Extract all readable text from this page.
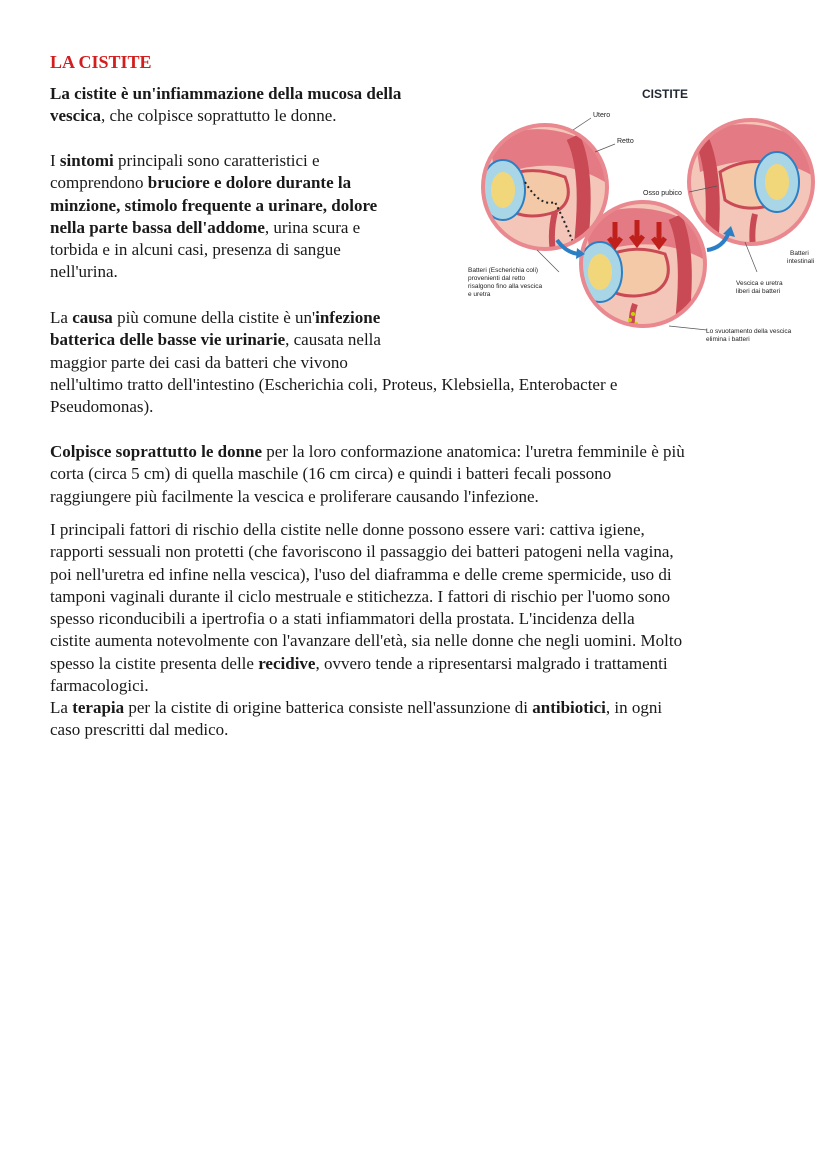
LA CISTITE

La cistite è un'infiammazione della mucosa della
vescica, che colpisce soprattutto le donne.

I sintomi principali sono caratteristici e
comprendono bruciore e dolore durante la
minzione, stimolo frequente a urinare, dolore
nella parte bassa dell'addome, urina scura e
torbida e in alcuni casi, presenza di sangue
nell'urina.

La causa più comune della cistite è un'infezione
batterica delle basse vie urinarie, causata nella
maggior parte dei casi da batteri che vivono
nell'ultimo tratto dell'intestino (Escherichia coli, Proteus, Klebsiella, Enterobacter e
Pseudomonas).

Colpisce soprattutto le donne per la loro conformazione anatomica: l'uretra femminile è più
corta (circa 5 cm) di quella maschile (16 cm circa) e quindi i batteri fecali possono
raggiungere più facilmente la vescica e proliferare causando l'infezione.

I principali fattori di rischio della cistite nelle donne possono essere vari: cattiva igiene,
rapporti sessuali non protetti (che favoriscono il passaggio dei batteri patogeni nella vagina,
poi nell'uretra ed infine nella vescica), l'uso del diaframma e delle creme spermicide, uso di
tamponi vaginali durante il ciclo mestruale e stitichezza. I fattori di rischio per l'uomo sono
spesso riconducibili a ipertrofia o a stati infiammatori della prostata. L'incidenza della
cistite aumenta notevolmente con l'avanzare dell'età, sia nelle donne che negli uomini. Molto
spesso la cistite presenta delle recidive, ovvero tende a ripresentarsi malgrado i trattamenti
farmacologici.

La terapia per la cistite di origine batterica consiste nell'assunzione di antibiotici, in ogni
caso prescritti dal medico.

CISTITE
Utero
Retto
Osso pubico
Batteri
intestinali
Batteri (Escherichia coli)
provenienti dal retto
risalgono fino alla vescica
e uretra
Vescica e uretra
liberi dai batteri
Lo svuotamento della vescica
elimina i batteri
